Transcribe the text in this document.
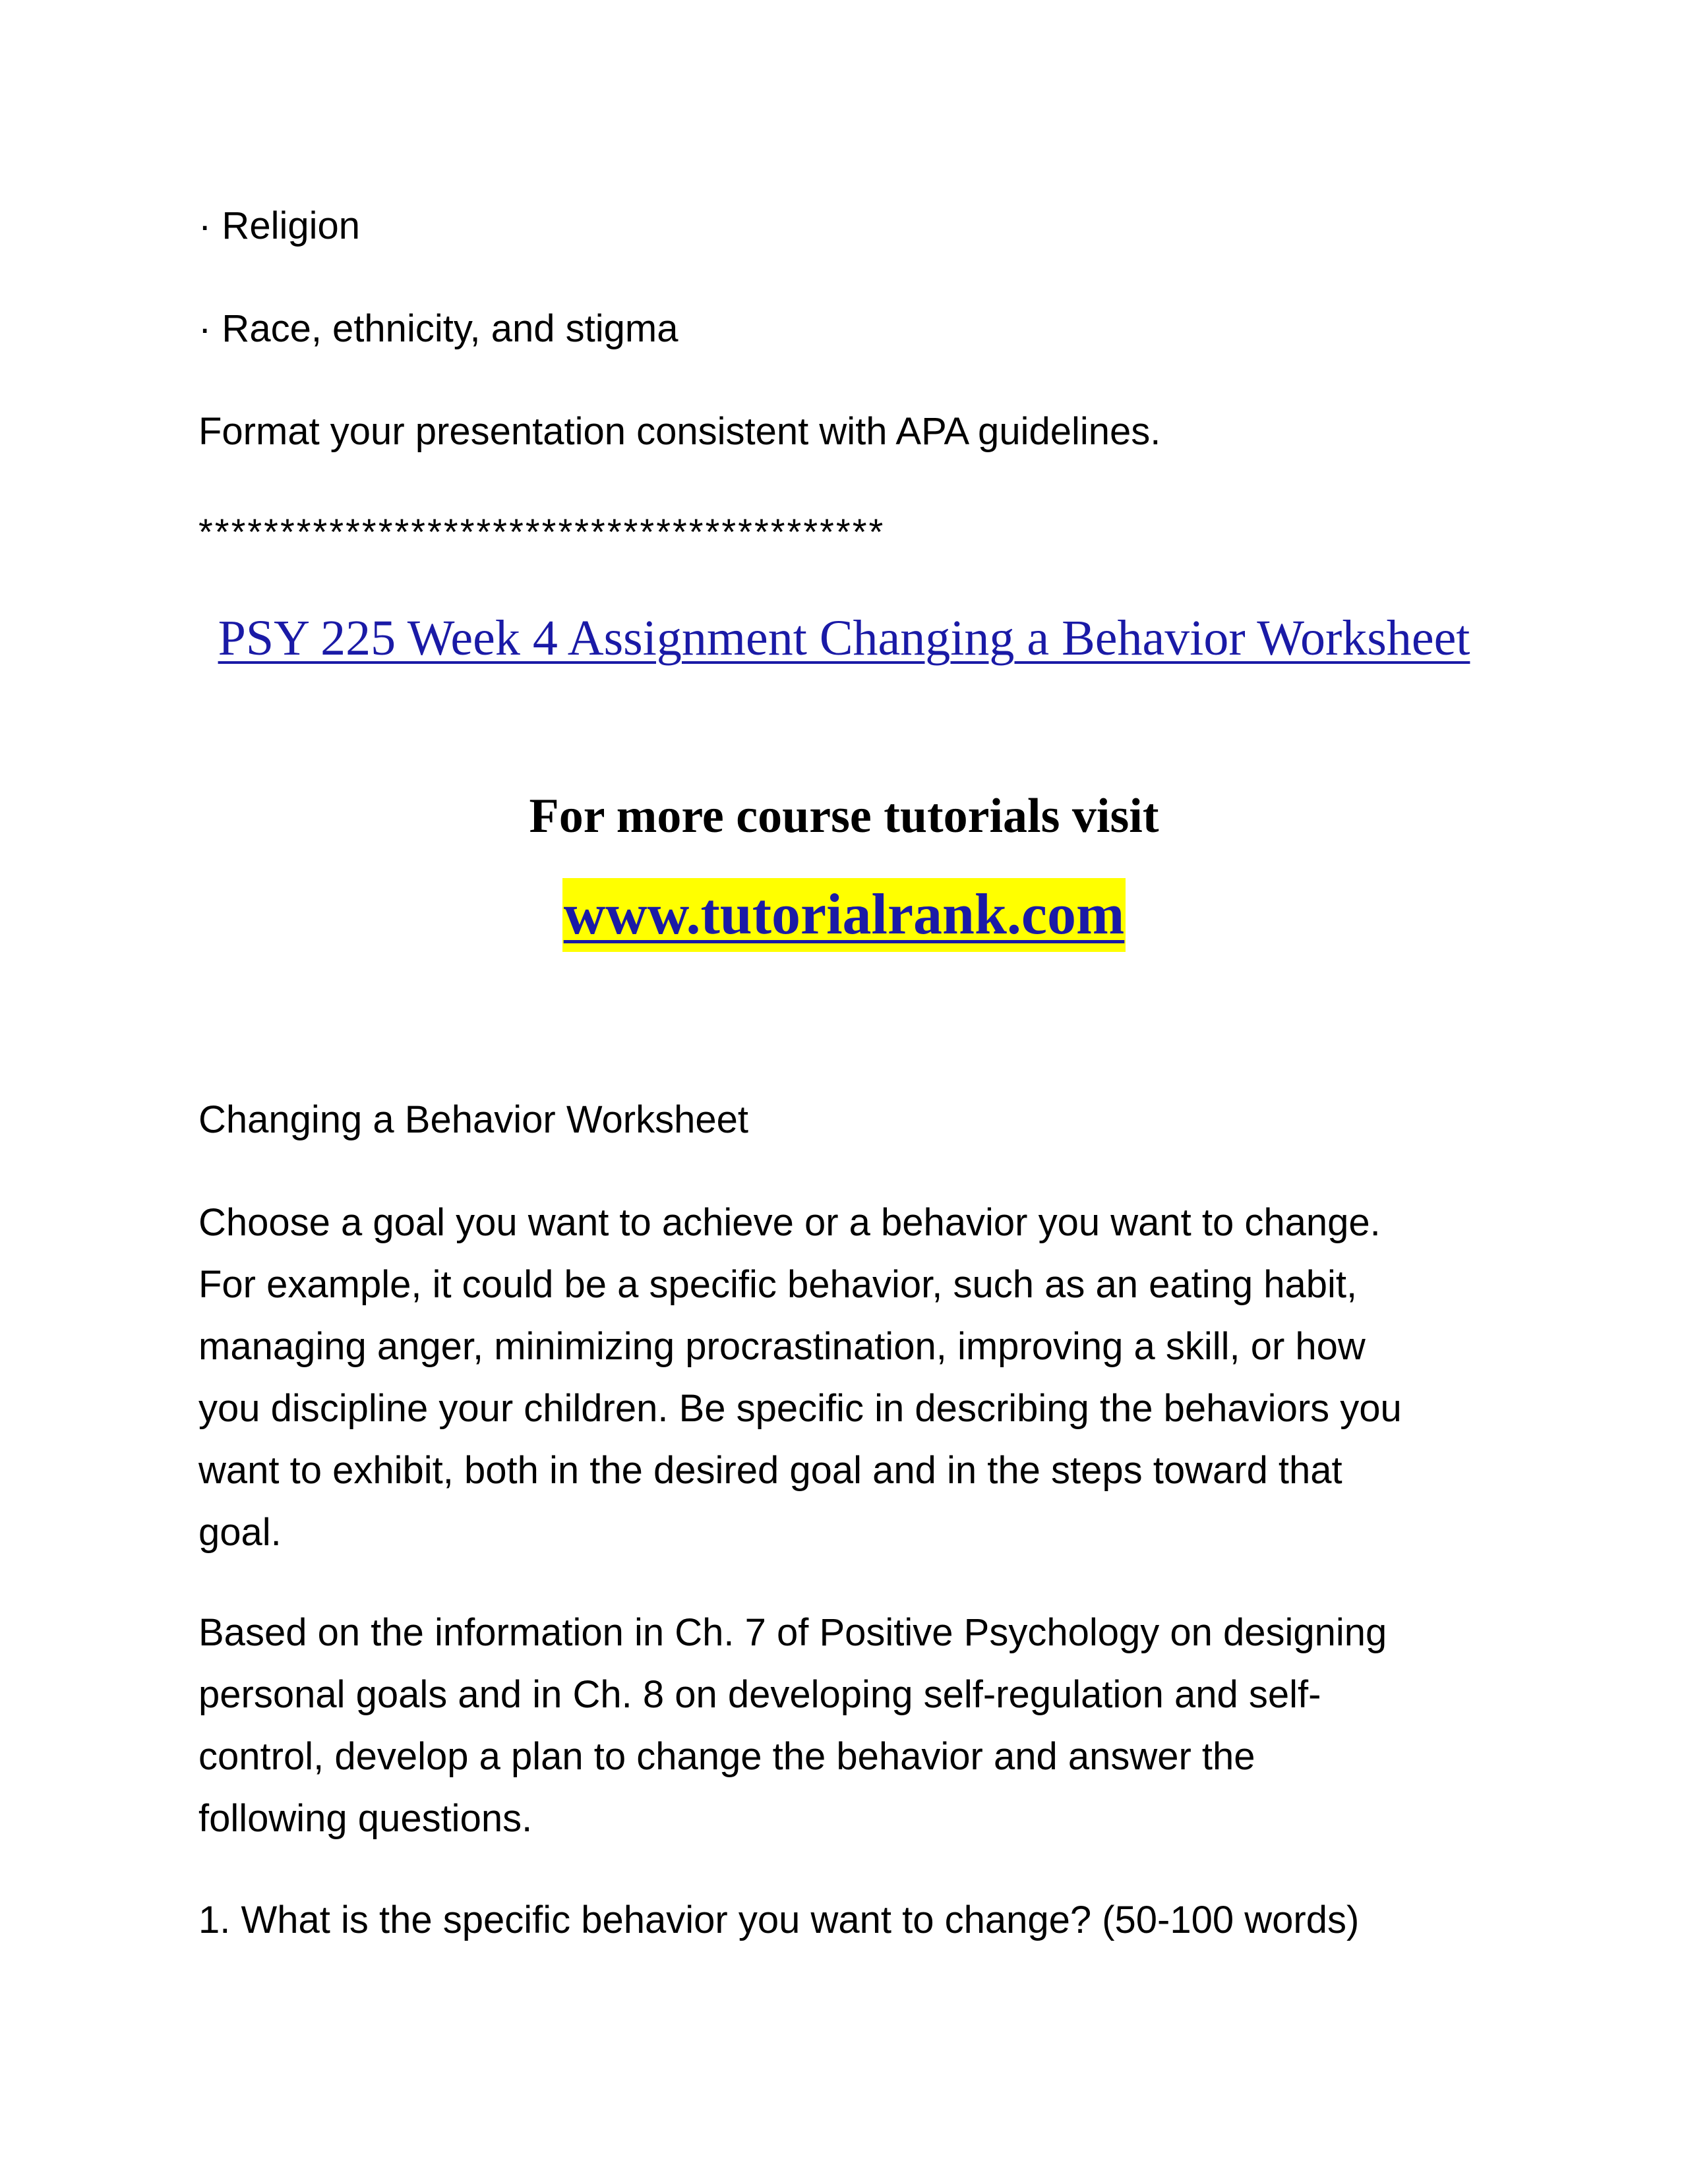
· Religion
· Race, ethnicity, and stigma
Format your presentation consistent with APA guidelines.
******************************************
PSY 225 Week 4 Assignment Changing a Behavior Worksheet
For more course tutorials visit
www.tutorialrank.com
Changing a Behavior Worksheet
Choose a goal you want to achieve or a behavior you want to change.
For example, it could be a specific behavior, such as an eating habit,
managing anger, minimizing procrastination, improving a skill, or how
you discipline your children. Be specific in describing the behaviors you
want to exhibit, both in the desired goal and in the steps toward that
goal.
Based on the information in Ch. 7 of Positive Psychology on designing
personal goals and in Ch. 8 on developing self-regulation and self-
control, develop a plan to change the behavior and answer the
following questions.
1. What is the specific behavior you want to change? (50-100 words)
